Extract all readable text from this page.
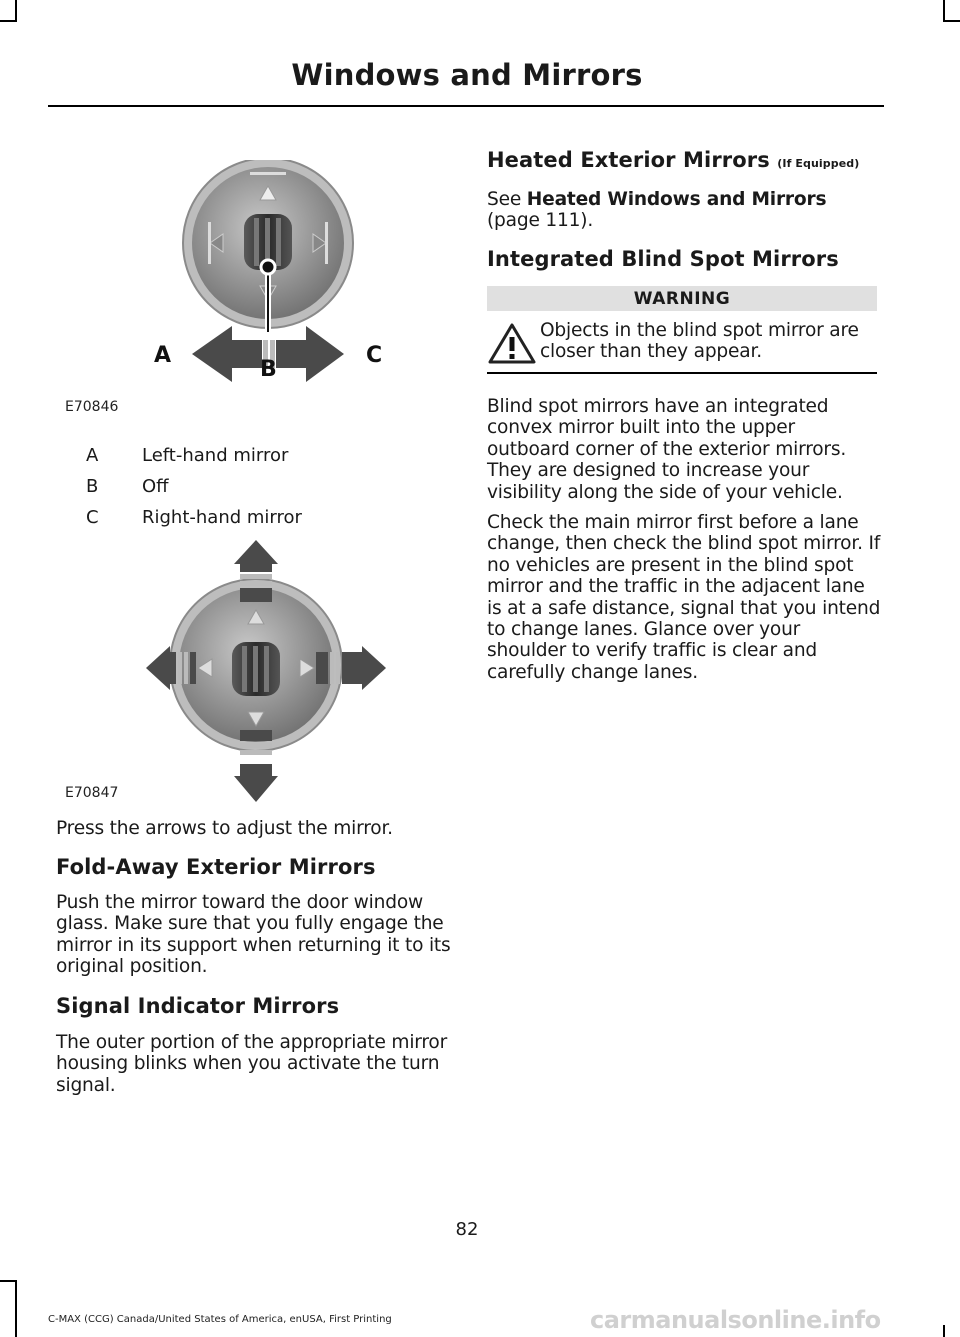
Windows and Mirrors
A	C
B
E70846
A	Left-hand mirror
B	Off
C	Right-hand mirror
E70847
Press the arrows to adjust the mirror.
Fold-Away Exterior Mirrors
Push the mirror toward the door window glass. Make sure that you fully engage the mirror in its support when returning it to its original position.
Signal Indicator Mirrors
The outer portion of the appropriate mirror housing blinks when you activate the turn signal.
Heated Exterior Mirrors (If Equipped)
See Heated Windows and Mirrors (page 111).
Integrated Blind Spot Mirrors
WARNING
Objects in the blind spot mirror are closer than they appear.
Blind spot mirrors have an integrated convex mirror built into the upper outboard corner of the exterior mirrors. They are designed to increase your visibility along the side of your vehicle.
Check the main mirror first before a lane change, then check the blind spot mirror. If no vehicles are present in the blind spot mirror and the traffic in the adjacent lane is at a safe distance, signal that you intend to change lanes. Glance over your shoulder to verify traffic is clear and carefully change lanes.
82
C-MAX (CCG) Canada/United States of America, enUSA, First Printing	carmanualsonline.info
